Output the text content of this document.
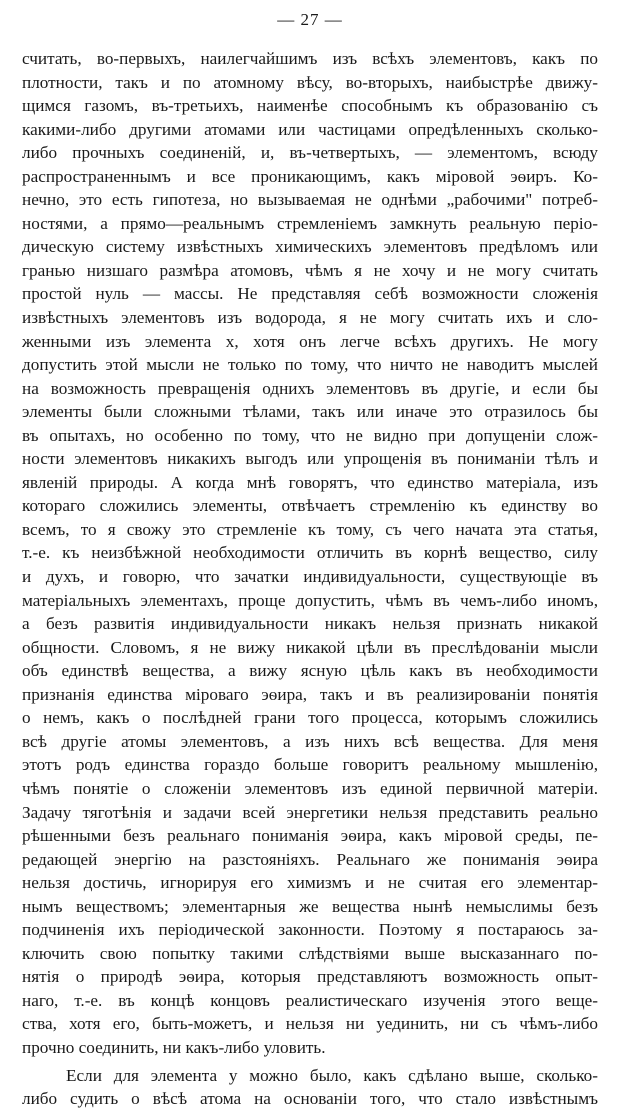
— 27 —
считать, во-первыхъ, наилегчайшимъ изъ всѣхъ элементовъ, какъ по
плотности, такъ и по атомному вѣсу, во-вторыхъ, наибыстрѣе движу-
щимся газомъ, въ-третьихъ, наименѣе способнымъ къ образованію съ
какими-либо другими атомами или частицами опредѣленныхъ сколько-
либо прочныхъ соединеній, и, въ-четвертыхъ, — элементомъ, всюду
распространеннымъ и все проникающимъ, какъ міровой эѳиръ. Ко-
нечно, это есть гипотеза, но вызываемая не однѣми „рабочими" потреб-
ностями, а прямо—реальнымъ стремленіемъ замкнуть реальную періо-
дическую систему извѣстныхъ химическихъ элементовъ предѣломъ или
гранью низшаго размѣра атомовъ, чѣмъ я не хочу и не могу считать
простой нуль — массы. Не представляя себѣ возможности сложенія
извѣстныхъ элементовъ изъ водорода, я не могу считать ихъ и сло-
женными изъ элемента x, хотя онъ легче всѣхъ другихъ. Не могу
допустить этой мысли не только по тому, что ничто не наводитъ мыслей
на возможность превращенія однихъ элементовъ въ другіе, и если бы
элементы были сложными тѣлами, такъ или иначе это отразилось бы
въ опытахъ, но особенно по тому, что не видно при допущеніи слож-
ности элементовъ никакихъ выгодъ или упрощенія въ пониманіи тѣлъ и
явленій природы. А когда мнѣ говорятъ, что единство матеріала, изъ
котораго сложились элементы, отвѣчаетъ стремленію къ единству во
всемъ, то я свожу это стремленіе къ тому, съ чего начата эта статья,
т.-е. къ неизбѣжной необходимости отличить въ корнѣ вещество, силу
и духъ, и говорю, что зачатки индивидуальности, существующіе въ
матеріальныхъ элементахъ, проще допустить, чѣмъ въ чемъ-либо иномъ,
а безъ развитія индивидуальности никакъ нельзя признать никакой
общности. Словомъ, я не вижу никакой цѣли въ преслѣдованіи мысли
объ единствѣ вещества, а вижу ясную цѣль какъ въ необходимости
признанія единства міроваго эѳира, такъ и въ реализированіи понятія
о немъ, какъ о послѣдней грани того процесса, которымъ сложились
всѣ другіе атомы элементовъ, а изъ нихъ всѣ вещества. Для меня
этотъ родъ единства гораздо больше говоритъ реальному мышленію,
чѣмъ понятіе о сложеніи элементовъ изъ единой первичной матеріи.
Задачу тяготѣнія и задачи всей энергетики нельзя представить реально
рѣшенными безъ реальнаго пониманія эѳира, какъ міровой среды, пе-
редающей энергію на разстояніяхъ. Реальнаго же пониманія эѳира
нельзя достичь, игнорируя его химизмъ и не считая его элементар-
нымъ веществомъ; элементарныя же вещества нынѣ немыслимы безъ
подчиненія ихъ періодической законности. Поэтому я постараюсь за-
ключить свою попытку такими слѣдствіями выше высказаннаго по-
нятія о природѣ эѳира, которыя представляютъ возможность опыт-
наго, т.-е. въ концѣ концовъ реалистическаго изученія этого веще-
ства, хотя его, быть-можетъ, и нельзя ни уединить, ни съ чѣмъ-либо
прочно соединить, ни какъ-либо уловить.
Если для элемента y можно было, какъ сдѣлано выше, сколько-
либо судить о вѣсѣ атома на основаніи того, что стало извѣстнымъ
